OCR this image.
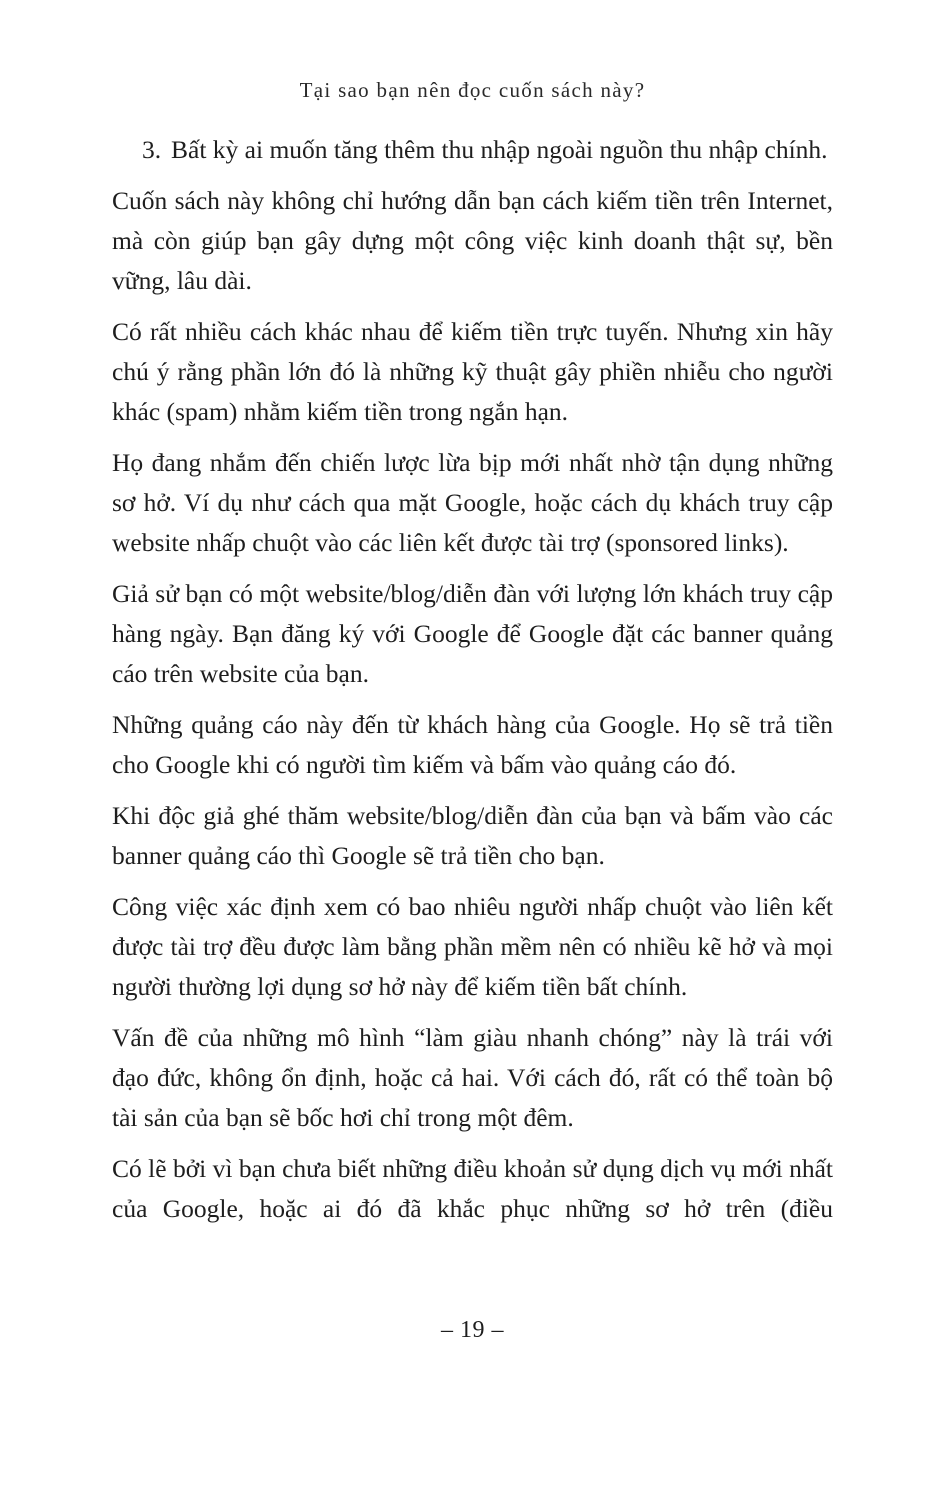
Tại sao bạn nên đọc cuốn sách này?
3. Bất kỳ ai muốn tăng thêm thu nhập ngoài nguồn thu nhập chính.

Cuốn sách này không chỉ hướng dẫn bạn cách kiếm tiền trên Internet, mà còn giúp bạn gây dựng một công việc kinh doanh thật sự, bền vững, lâu dài.

Có rất nhiều cách khác nhau để kiếm tiền trực tuyến. Nhưng xin hãy chú ý rằng phần lớn đó là những kỹ thuật gây phiền nhiễu cho người khác (spam) nhằm kiếm tiền trong ngắn hạn.

Họ đang nhắm đến chiến lược lừa bịp mới nhất nhờ tận dụng những sơ hở. Ví dụ như cách qua mặt Google, hoặc cách dụ khách truy cập website nhấp chuột vào các liên kết được tài trợ (sponsored links).

Giả sử bạn có một website/blog/diễn đàn với lượng lớn khách truy cập hàng ngày. Bạn đăng ký với Google để Google đặt các banner quảng cáo trên website của bạn.

Những quảng cáo này đến từ khách hàng của Google. Họ sẽ trả tiền cho Google khi có người tìm kiếm và bấm vào quảng cáo đó.

Khi độc giả ghé thăm website/blog/diễn đàn của bạn và bấm vào các banner quảng cáo thì Google sẽ trả tiền cho bạn.

Công việc xác định xem có bao nhiêu người nhấp chuột vào liên kết được tài trợ đều được làm bằng phần mềm nên có nhiều kẽ hở và mọi người thường lợi dụng sơ hở này để kiếm tiền bất chính.

Vấn đề của những mô hình “làm giàu nhanh chóng” này là trái với đạo đức, không ổn định, hoặc cả hai. Với cách đó, rất có thể toàn bộ tài sản của bạn sẽ bốc hơi chỉ trong một đêm.

Có lẽ bởi vì bạn chưa biết những điều khoản sử dụng dịch vụ mới nhất của Google, hoặc ai đó đã khắc phục những sơ hở trên (điều

– 19 –
